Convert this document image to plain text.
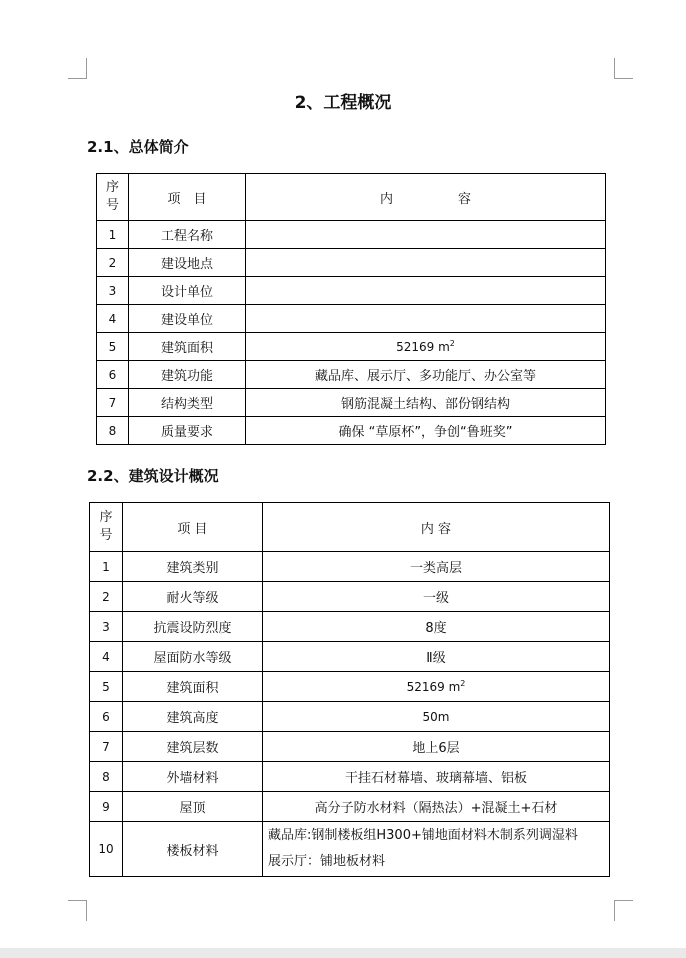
2、工程概况
2.1、总体简介
序号	项　目	内　　　　　容
1	工程名称	
2	建设地点	
3	设计单位	
4	建设单位	
5	建筑面积	52169 $m^2$
6	建筑功能	藏品库、展示厅、多功能厅、办公室等
7	结构类型	钢筋混凝土结构、部份钢结构
8	质量要求	确保 “草原杯”，争创“鲁班奖”
2.2、建筑设计概况
序号	项 目	内 容
1	建筑类别	一类高层
2	耐火等级	一级
3	抗震设防烈度	8度
4	屋面防水等级	Ⅱ级
5	建筑面积	52169 $m^2$
6	建筑高度	50m
7	建筑层数	地上6层
8	外墙材料	干挂石材幕墙、玻璃幕墙、铝板
9	屋顶	高分子防水材料（隔热法）+混凝土+石材
10	楼板材料	藏品库:钢制楼板组H300+铺地面材料木制系列调湿料
展示厅：铺地板材料
